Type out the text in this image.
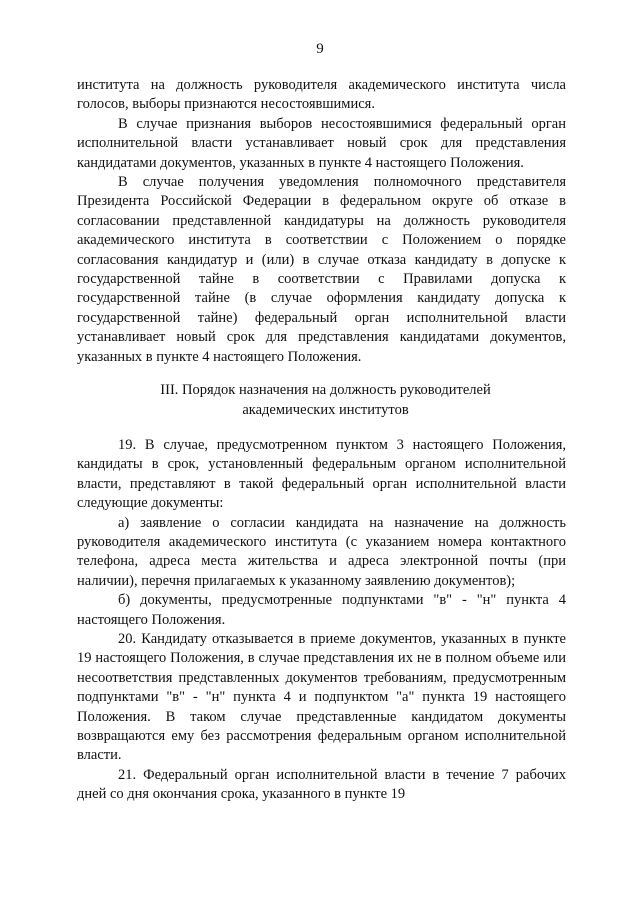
9

института на должность руководителя академического института числа голосов, выборы признаются несостоявшимися.

В случае признания выборов несостоявшимися федеральный орган исполнительной власти устанавливает новый срок для представления кандидатами документов, указанных в пункте 4 настоящего Положения.

В случае получения уведомления полномочного представителя Президента Российской Федерации в федеральном округе об отказе в согласовании представленной кандидатуры на должность руководителя академического института в соответствии с Положением о порядке согласования кандидатур и (или) в случае отказа кандидату в допуске к государственной тайне в соответствии с Правилами допуска к государственной тайне (в случае оформления кандидату допуска к государственной тайне) федеральный орган исполнительной власти устанавливает новый срок для представления кандидатами документов, указанных в пункте 4 настоящего Положения.

III. Порядок назначения на должность руководителей
академических институтов

19. В случае, предусмотренном пунктом 3 настоящего Положения, кандидаты в срок, установленный федеральным органом исполнительной власти, представляют в такой федеральный орган исполнительной власти следующие документы:

а) заявление о согласии кандидата на назначение на должность руководителя академического института (с указанием номера контактного телефона, адреса места жительства и адреса электронной почты (при наличии), перечня прилагаемых к указанному заявлению документов);

б) документы, предусмотренные подпунктами "в" - "н" пункта 4 настоящего Положения.

20. Кандидату отказывается в приеме документов, указанных в пункте 19 настоящего Положения, в случае представления их не в полном объеме или несоответствия представленных документов требованиям, предусмотренным подпунктами "в" - "н" пункта 4 и подпунктом "а" пункта 19 настоящего Положения. В таком случае представленные кандидатом документы возвращаются ему без рассмотрения федеральным органом исполнительной власти.

21. Федеральный орган исполнительной власти в течение 7 рабочих дней со дня окончания срока, указанного в пункте 19
